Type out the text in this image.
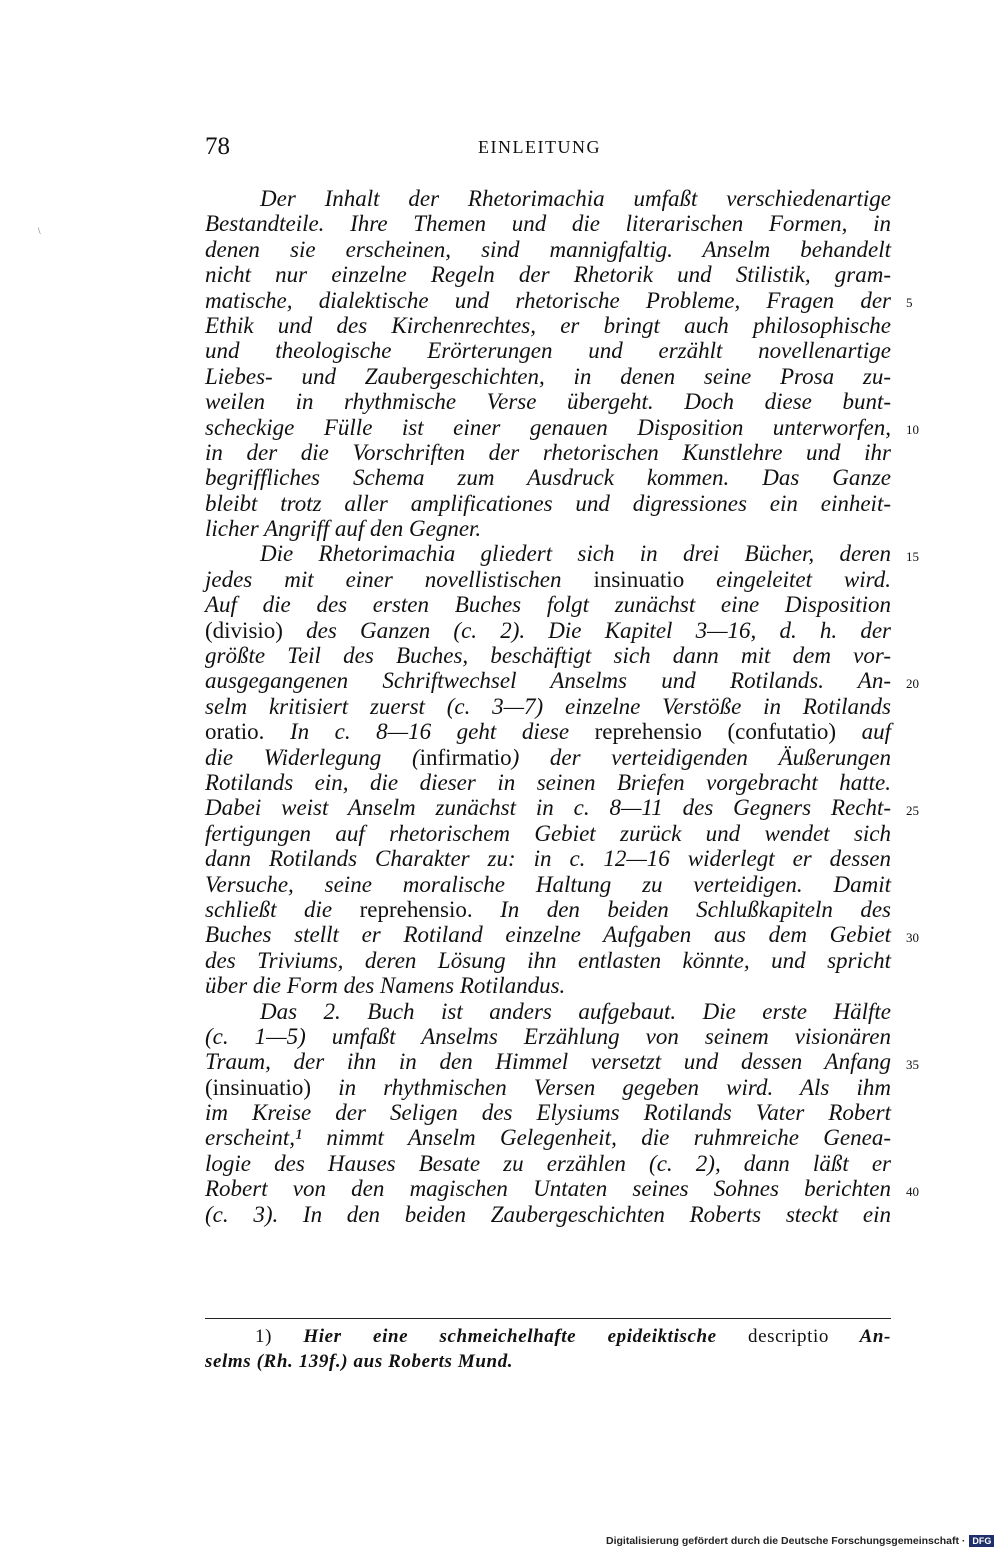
78	EINLEITUNG
\
Der Inhalt der Rhetorimachia umfaßt verschiedenartige
Bestandteile. Ihre Themen und die literarischen Formen, in
denen sie erscheinen, sind mannigfaltig. Anselm behandelt
nicht nur einzelne Regeln der Rhetorik und Stilistik, gram-
matische, dialektische und rhetorische Probleme, Fragen der
Ethik und des Kirchenrechtes, er bringt auch philosophische
und theologische Erörterungen und erzählt novellenartige
Liebes- und Zaubergeschichten, in denen seine Prosa zu-
weilen in rhythmische Verse übergeht. Doch diese bunt-
scheckige Fülle ist einer genauen Disposition unterworfen,
in der die Vorschriften der rhetorischen Kunstlehre und ihr
begriffliches Schema zum Ausdruck kommen. Das Ganze
bleibt trotz aller amplificationes und digressiones ein einheit-
licher Angriff auf den Gegner.
Die Rhetorimachia gliedert sich in drei Bücher, deren
jedes mit einer novellistischen insinuatio eingeleitet wird.
Auf die des ersten Buches folgt zunächst eine Disposition
(divisio) des Ganzen (c. 2). Die Kapitel 3—16, d. h. der
größte Teil des Buches, beschäftigt sich dann mit dem vor-
ausgegangenen Schriftwechsel Anselms und Rotilands. An-
selm kritisiert zuerst (c. 3—7) einzelne Verstöße in Rotilands
oratio. In c. 8—16 geht diese reprehensio (confutatio) auf
die Widerlegung (infirmatio) der verteidigenden Äußerungen
Rotilands ein, die dieser in seinen Briefen vorgebracht hatte.
Dabei weist Anselm zunächst in c. 8—11 des Gegners Recht-
fertigungen auf rhetorischem Gebiet zurück und wendet sich
dann Rotilands Charakter zu: in c. 12—16 widerlegt er dessen
Versuche, seine moralische Haltung zu verteidigen. Damit
schließt die reprehensio. In den beiden Schlußkapiteln des
Buches stellt er Rotiland einzelne Aufgaben aus dem Gebiet
des Triviums, deren Lösung ihn entlasten könnte, und spricht
über die Form des Namens Rotilandus.
Das 2. Buch ist anders aufgebaut. Die erste Hälfte
(c. 1—5) umfaßt Anselms Erzählung von seinem visionären
Traum, der ihn in den Himmel versetzt und dessen Anfang
(insinuatio) in rhythmischen Versen gegeben wird. Als ihm
im Kreise der Seligen des Elysiums Rotilands Vater Robert
erscheint,¹ nimmt Anselm Gelegenheit, die ruhmreiche Genea-
logie des Hauses Besate zu erzählen (c. 2), dann läßt er
Robert von den magischen Untaten seines Sohnes berichten
(c. 3). In den beiden Zaubergeschichten Roberts steckt ein
5
10
15
20
25
30
35
40
1) Hier eine schmeichelhafte epideiktische descriptio An-
selms (Rh. 139f.) aus Roberts Mund.
Digitalisierung gefördert durch die Deutsche Forschungsgemeinschaft · DFG
